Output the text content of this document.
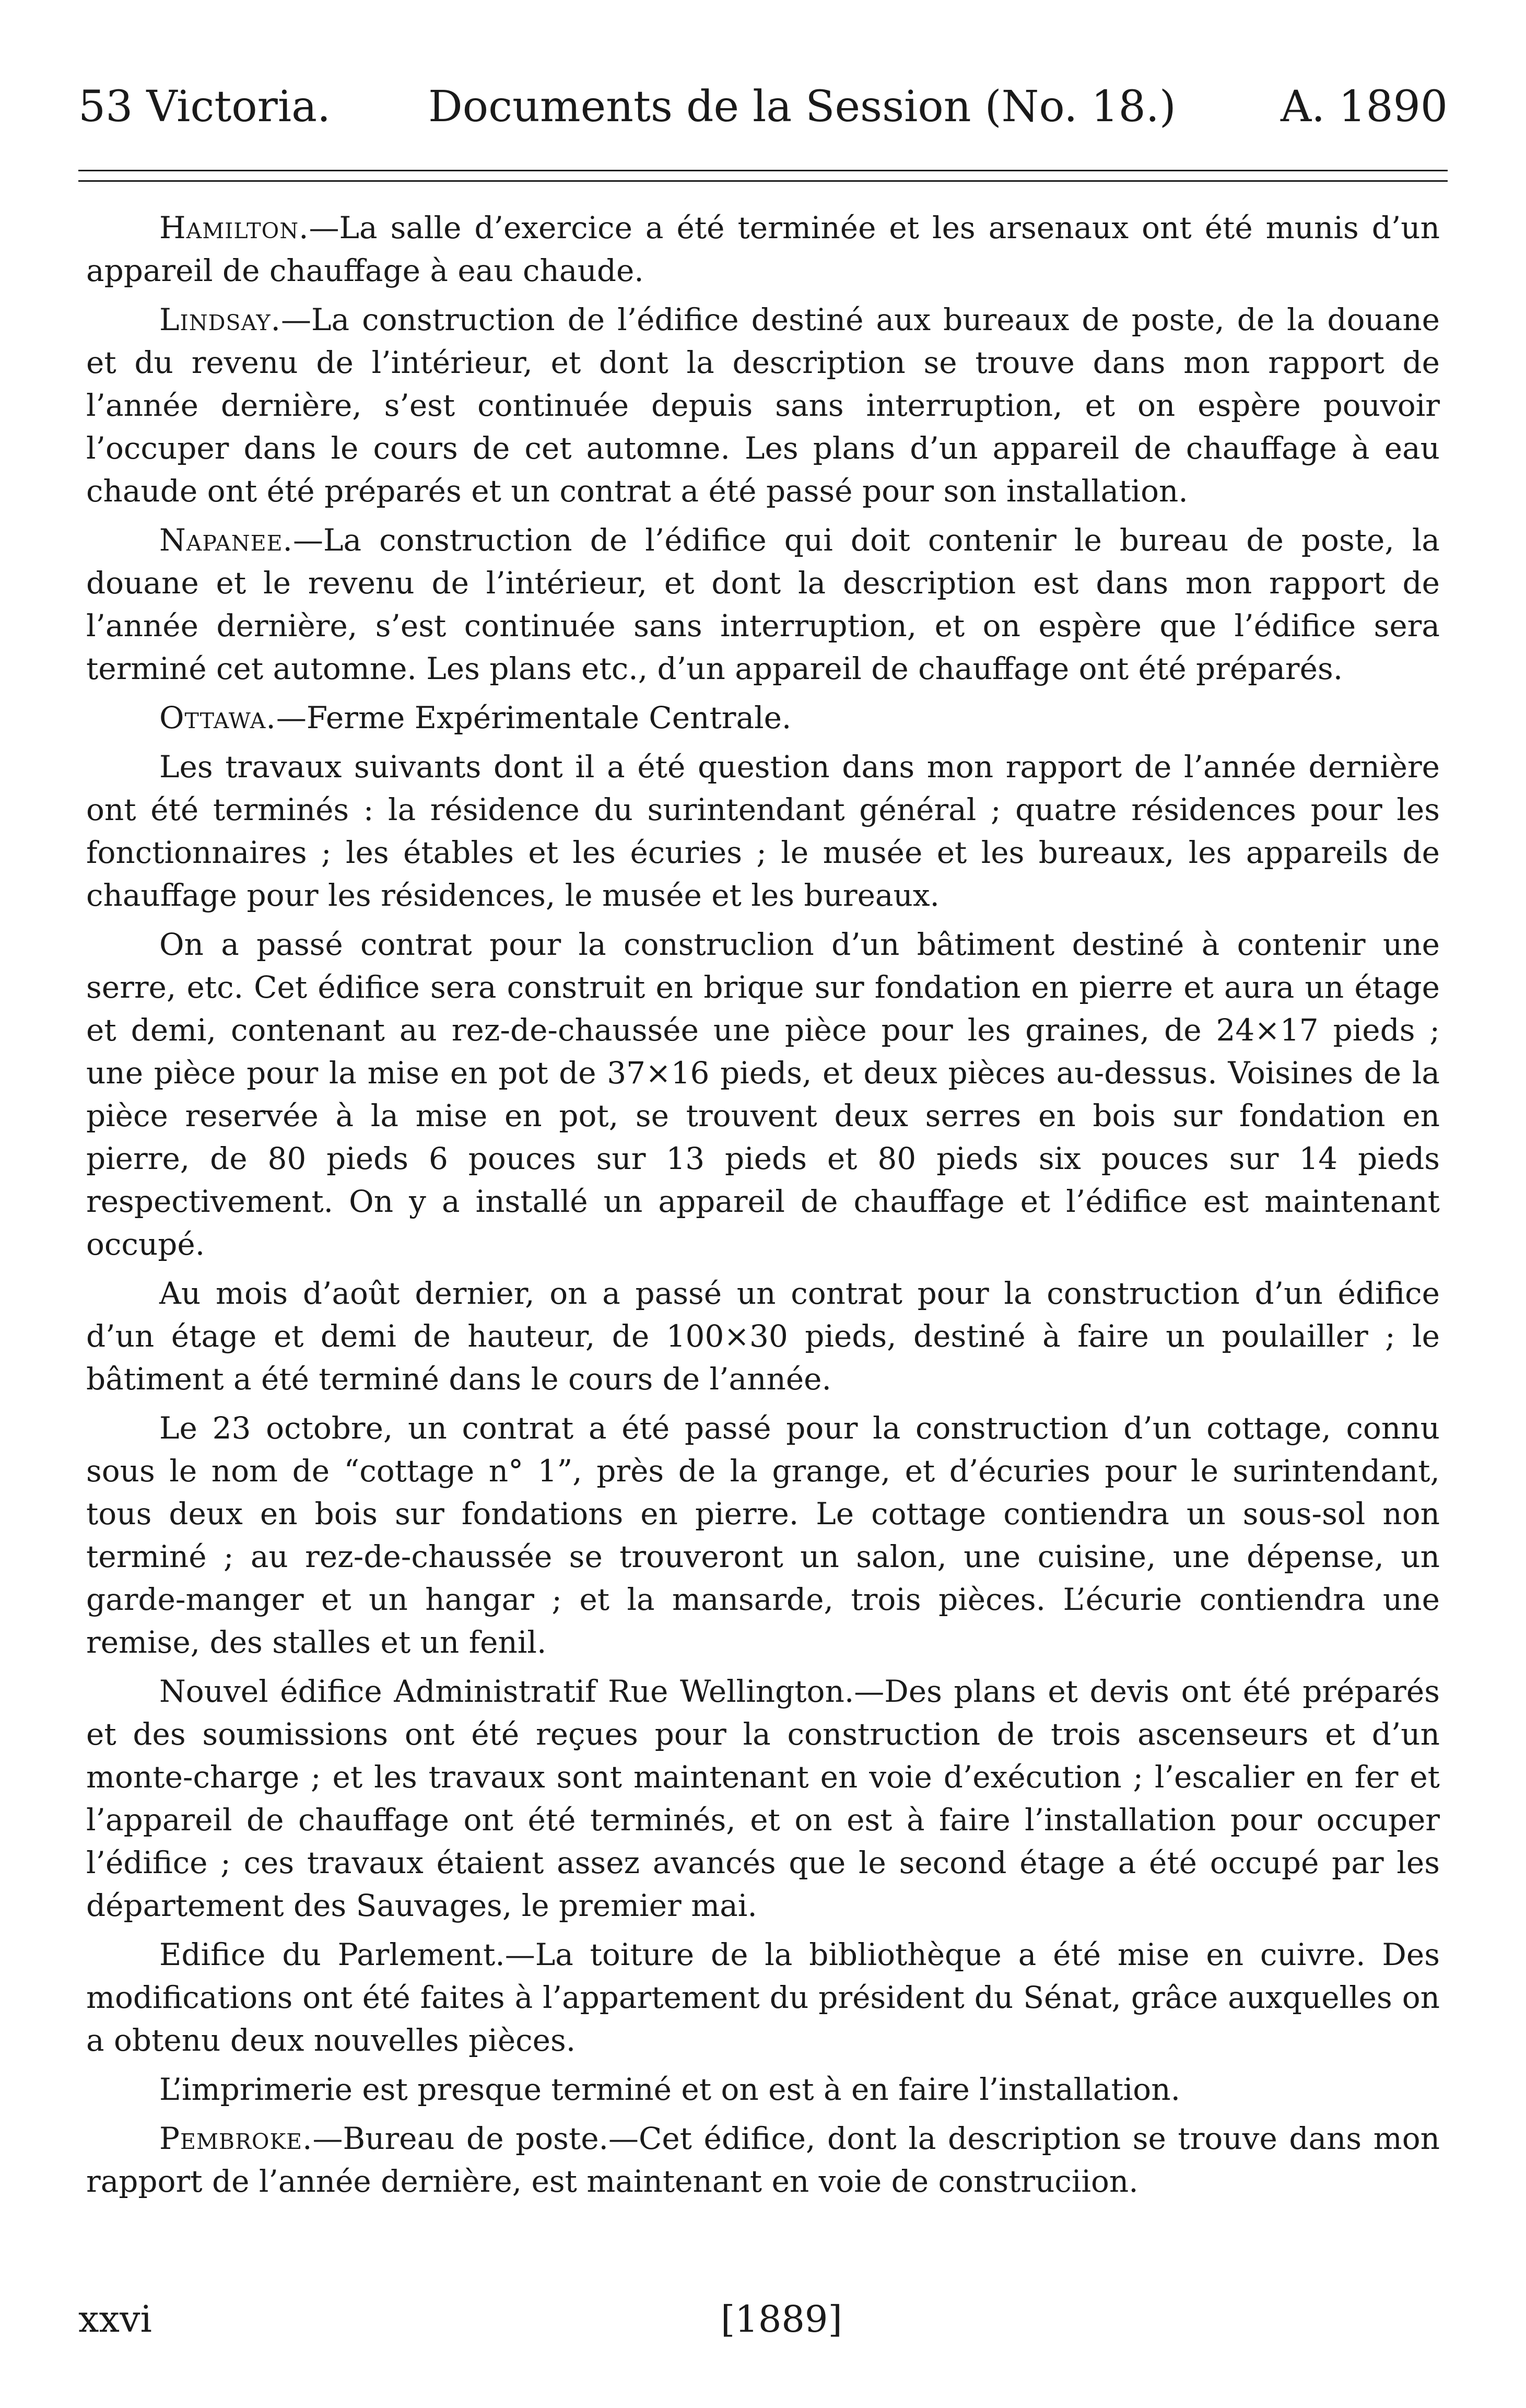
53 Victoria. Documents de la Session (No. 18.) A. 1890

Hamilton.—La salle d’exercice a été terminée et les arsenaux ont été munis d’un appareil de chauffage à eau chaude.

Lindsay.—La construction de l’édifice destiné aux bureaux de poste, de la douane et du revenu de l’intérieur, et dont la description se trouve dans mon rapport de l’année dernière, s’est continuée depuis sans interruption, et on espère pouvoir l’occuper dans le cours de cet automne. Les plans d’un appareil de chauffage à eau chaude ont été préparés et un contrat a été passé pour son installation.

Napanee.—La construction de l’édifice qui doit contenir le bureau de poste, la douane et le revenu de l’intérieur, et dont la description est dans mon rapport de l’année dernière, s’est continuée sans interruption, et on espère que l’édifice sera terminé cet automne. Les plans etc., d’un appareil de chauffage ont été préparés.

Ottawa.—Ferme Expérimentale Centrale.

Les travaux suivants dont il a été question dans mon rapport de l’année dernière ont été terminés : la résidence du surintendant général ; quatre résidences pour les fonctionnaires ; les étables et les écuries ; le musée et les bureaux, les appareils de chauffage pour les résidences, le musée et les bureaux.

On a passé contrat pour la construclion d’un bâtiment destiné à contenir une serre, etc. Cet édifice sera construit en brique sur fondation en pierre et aura un étage et demi, contenant au rez-de-chaussée une pièce pour les graines, de 24×17 pieds ; une pièce pour la mise en pot de 37×16 pieds, et deux pièces au-dessus. Voisines de la pièce reservée à la mise en pot, se trouvent deux serres en bois sur fondation en pierre, de 80 pieds 6 pouces sur 13 pieds et 80 pieds six pouces sur 14 pieds respectivement. On y a installé un appareil de chauffage et l’édifice est maintenant occupé.

Au mois d’août dernier, on a passé un contrat pour la construction d’un édifice d’un étage et demi de hauteur, de 100×30 pieds, destiné à faire un poulailler ; le bâtiment a été terminé dans le cours de l’année.

Le 23 octobre, un contrat a été passé pour la construction d’un cottage, connu sous le nom de “cottage n° 1”, près de la grange, et d’écuries pour le surintendant, tous deux en bois sur fondations en pierre. Le cottage contiendra un sous-sol non terminé ; au rez-de-chaussée se trouveront un salon, une cuisine, une dépense, un garde-manger et un hangar ; et la mansarde, trois pièces. L’écurie contiendra une remise, des stalles et un fenil.

Nouvel édifice Administratif Rue Wellington.—Des plans et devis ont été préparés et des soumissions ont été reçues pour la construction de trois ascenseurs et d’un monte-charge ; et les travaux sont maintenant en voie d’exécution ; l’escalier en fer et l’appareil de chauffage ont été terminés, et on est à faire l’installation pour occuper l’édifice ; ces travaux étaient assez avancés que le second étage a été occupé par les département des Sauvages, le premier mai.

Edifice du Parlement.—La toiture de la bibliothèque a été mise en cuivre. Des modifications ont été faites à l’appartement du président du Sénat, grâce auxquelles on a obtenu deux nouvelles pièces.

L’imprimerie est presque terminé et on est à en faire l’installation.

Pembroke.—Bureau de poste.—Cet édifice, dont la description se trouve dans mon rapport de l’année dernière, est maintenant en voie de construciion.

xxvi	[1889]
